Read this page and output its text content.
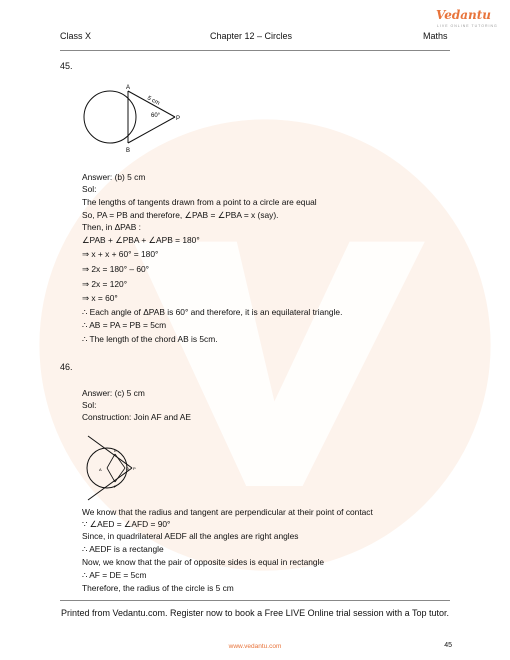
Vedantu
LIVE ONLINE TUTORING
Class X	Chapter 12 – Circles	Maths
45.
A
B
P
5 cm
60°
Answer: (b) 5 cm
Sol:
The lengths of tangents drawn from a point to a circle are equal
So, PA = PB and therefore, ∠PAB = ∠PBA = x (say).
Then, in ΔPAB :
∠PAB + ∠PBA + ∠APB = 180°
⇒ x + x + 60° = 180°
⇒ 2x = 180° – 60°
⇒ 2x = 120°
⇒ x = 60°
∴ Each angle of ΔPAB is 60° and therefore, it is an equilateral triangle.
∴ AB = PA = PB = 5cm
∴ The length of the chord AB is 5cm.
46.
Answer: (c) 5 cm
Sol:
Construction: Join AF and AE
A
E
F
D P
We know that the radius and tangent are perpendicular at their point of contact
∵ ∠AED = ∠AFD = 90°
Since, in quadrilateral AEDF all the angles are right angles
∴ AEDF is a rectangle
Now, we know that the pair of opposite sides is equal in rectangle
∴ AF = DE = 5cm
Therefore, the radius of the circle is 5 cm
Printed from Vedantu.com. Register now to book a Free LIVE Online trial session with a Top tutor.
www.vedantu.com	45
